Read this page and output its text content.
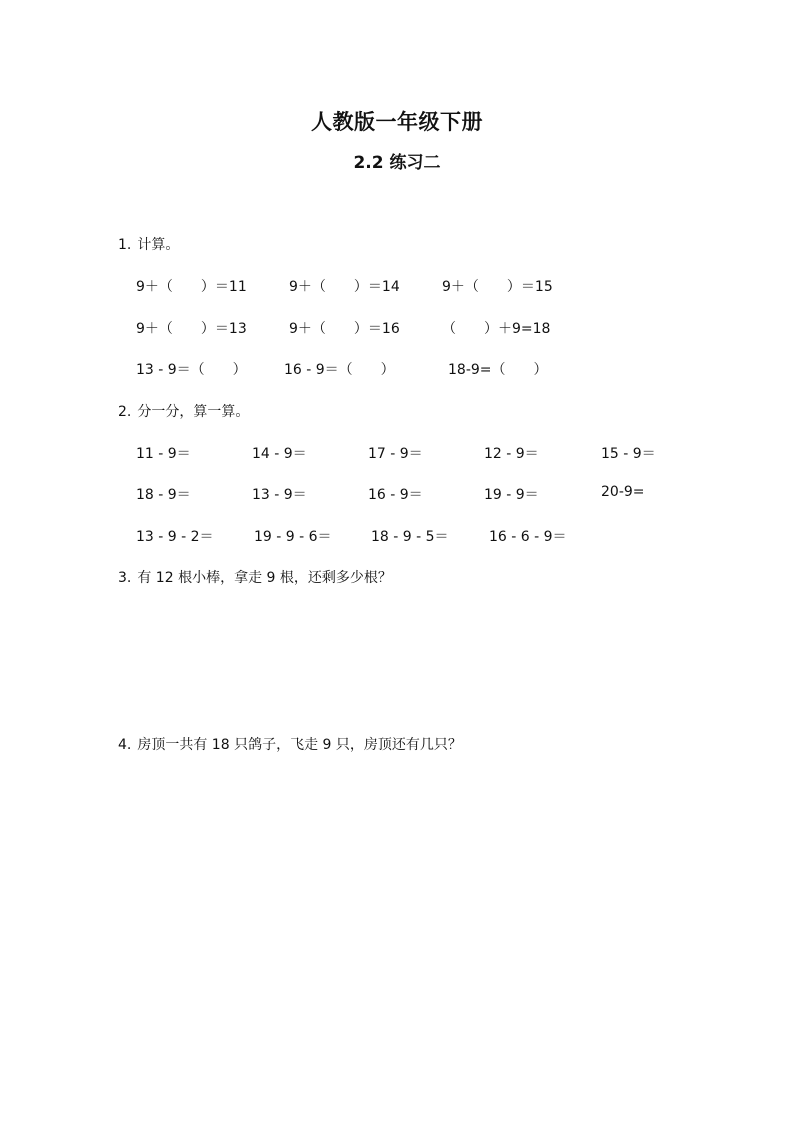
人教版一年级下册
2.2 练习二
1. 计算。
9＋（　　）＝11	9＋（　　）＝14	9＋（　　）＝15
9＋（　　）＝13	9＋（　　）＝16	（　　）＋9=18
13 - 9＝（　　）	16 - 9＝（　　）	18-9=（　　）
2. 分一分，算一算。
11 - 9＝	14 - 9＝	17 - 9＝	12 - 9＝	15 - 9＝
18 - 9＝	13 - 9＝	16 - 9＝	19 - 9＝	20-9=
13 - 9 - 2＝	19 - 9 - 6＝	18 - 9 - 5＝	16 - 6 - 9＝
3. 有 12 根小棒，拿走 9 根，还剩多少根？
4. 房顶一共有 18 只鸽子，飞走 9 只，房顶还有几只？
